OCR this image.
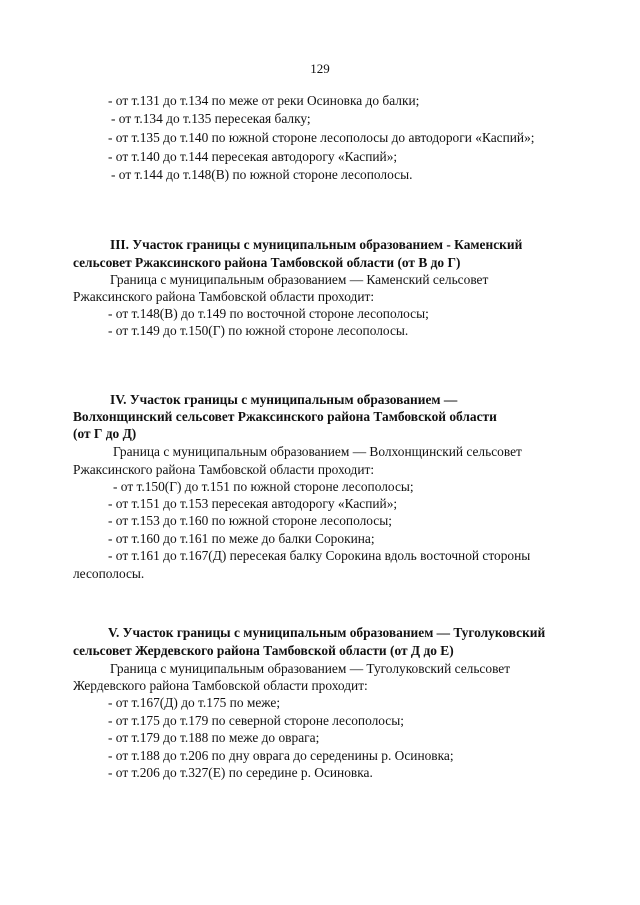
129
- от т.131 до т.134 по меже от реки Осиновка до балки;
- от т.134 до т.135 пересекая балку;
- от т.135 до т.140 по южной стороне лесополосы до автодороги «Каспий»;
- от т.140 до т.144 пересекая автодорогу «Каспий»;
- от т.144 до т.148(В) по южной стороне лесополосы.
III. Участок границы с муниципальным образованием - Каменский
сельсовет Ржаксинского района Тамбовской области (от В до Г)
Граница с муниципальным образованием — Каменский сельсовет
Ржаксинского района Тамбовской области проходит:
- от т.148(В) до т.149 по восточной стороне лесополосы;
- от т.149 до т.150(Г) по южной стороне лесополосы.
IV. Участок границы с муниципальным образованием —
Волхонщинский сельсовет Ржаксинского района Тамбовской области
(от Г до Д)
Граница с муниципальным образованием — Волхонщинский сельсовет
Ржаксинского района Тамбовской области проходит:
- от т.150(Г) до т.151 по южной стороне лесополосы;
- от т.151 до т.153 пересекая автодорогу «Каспий»;
- от т.153 до т.160 по южной стороне лесополосы;
- от т.160 до т.161 по меже до балки Сорокина;
- от т.161 до т.167(Д) пересекая балку Сорокина вдоль восточной стороны
лесополосы.
V. Участок границы с муниципальным образованием — Туголуковский
сельсовет Жердевского района Тамбовской области (от Д до Е)
Граница с муниципальным образованием — Туголуковский сельсовет
Жердевского района Тамбовской области проходит:
- от т.167(Д) до т.175 по меже;
- от т.175 до т.179 по северной стороне лесополосы;
- от т.179 до т.188 по меже до оврага;
- от т.188 до т.206 по дну оврага до середенины р. Осиновка;
- от т.206 до т.327(Е) по середине р. Осиновка.
